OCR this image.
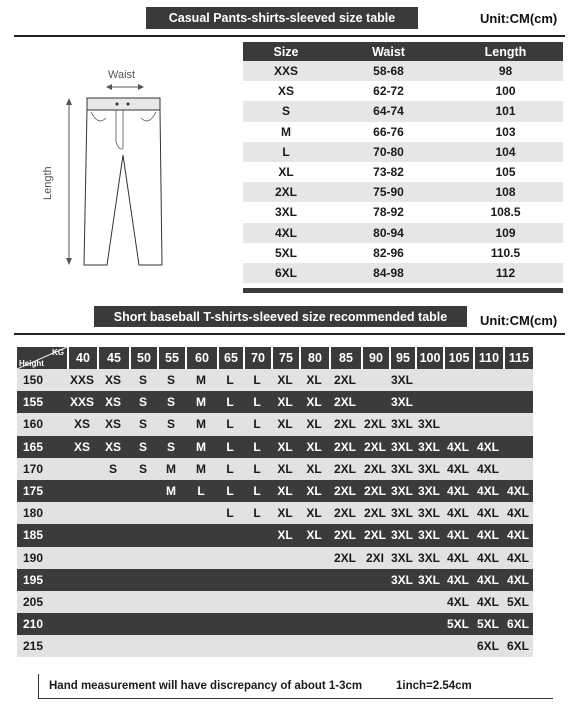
Casual Pants-shirts-sleeved size table	Unit:CM(cm)
Waist
Length
Size	Waist	Length
XXS	58-68	98
XS	62-72	100
S	64-74	101
M	66-76	103
L	70-80	104
XL	73-82	105
2XL	75-90	108
3XL	78-92	108.5
4XL	80-94	109
5XL	82-96	110.5
6XL	84-98	112
Short baseball T-shirts-sleeved size recommended table	Unit:CM(cm)
KG
Height	40	45	50	55	60	65	70	75	80	85	90	95	100	105	110	115
150	XXS	XS	S	S	M	L	L	XL	XL	2XL		3XL				
155	XXS	XS	S	S	M	L	L	XL	XL	2XL		3XL				
160	XS	XS	S	S	M	L	L	XL	XL	2XL	2XL	3XL	3XL			
165	XS	XS	S	S	M	L	L	XL	XL	2XL	2XL	3XL	3XL	4XL	4XL	
170		S	S	M	M	L	L	XL	XL	2XL	2XL	3XL	3XL	4XL	4XL	
175				M	L	L	L	XL	XL	2XL	2XL	3XL	3XL	4XL	4XL	4XL
180						L	L	XL	XL	2XL	2XL	3XL	3XL	4XL	4XL	4XL
185								XL	XL	2XL	2XL	3XL	3XL	4XL	4XL	4XL
190										2XL	2XI	3XL	3XL	4XL	4XL	4XL
195												3XL	3XL	4XL	4XL	4XL
205														4XL	4XL	5XL
210														5XL	5XL	6XL
215															6XL	6XL
Hand measurement will have discrepancy of about 1-3cm	1inch=2.54cm
